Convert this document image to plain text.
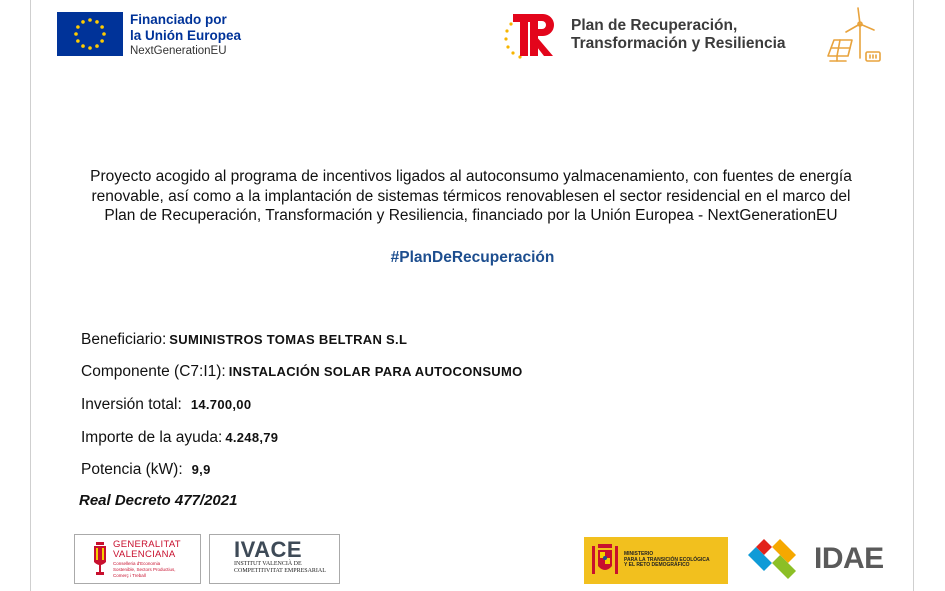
Financiado por
la Unión Europea
NextGenerationEU
Plan de Recuperación,
Transformación y Resiliencia
Proyecto acogido al programa de incentivos ligados al autoconsumo yalmacenamiento, con fuentes de energía
renovable, así como a la implantación de sistemas térmicos renovablesen el sector residencial en el marco del
Plan de Recuperación, Transformación y Resiliencia, financiado por la Unión Europea - NextGenerationEU
#PlanDeRecuperación
Beneficiario: SUMINISTROS TOMAS BELTRAN S.L
Componente (C7:I1): INSTALACIÓN SOLAR PARA AUTOCONSUMO
Inversión total: 14.700,00
Importe de la ayuda: 4.248,79
Potencia (kW): 9,9
Real Decreto 477/2021
GENERALITAT
VALENCIANA
Conselleria d'Economia
Sostenible, Sectors Productius,
Comerç i Treball
IVACE
INSTITUT VALENCIÀ DE
COMPETITIVITAT EMPRESARIAL
MINISTERIO
PARA LA TRANSICIÓN ECOLÓGICA
Y EL RETO DEMOGRÁFICO	IDAE
